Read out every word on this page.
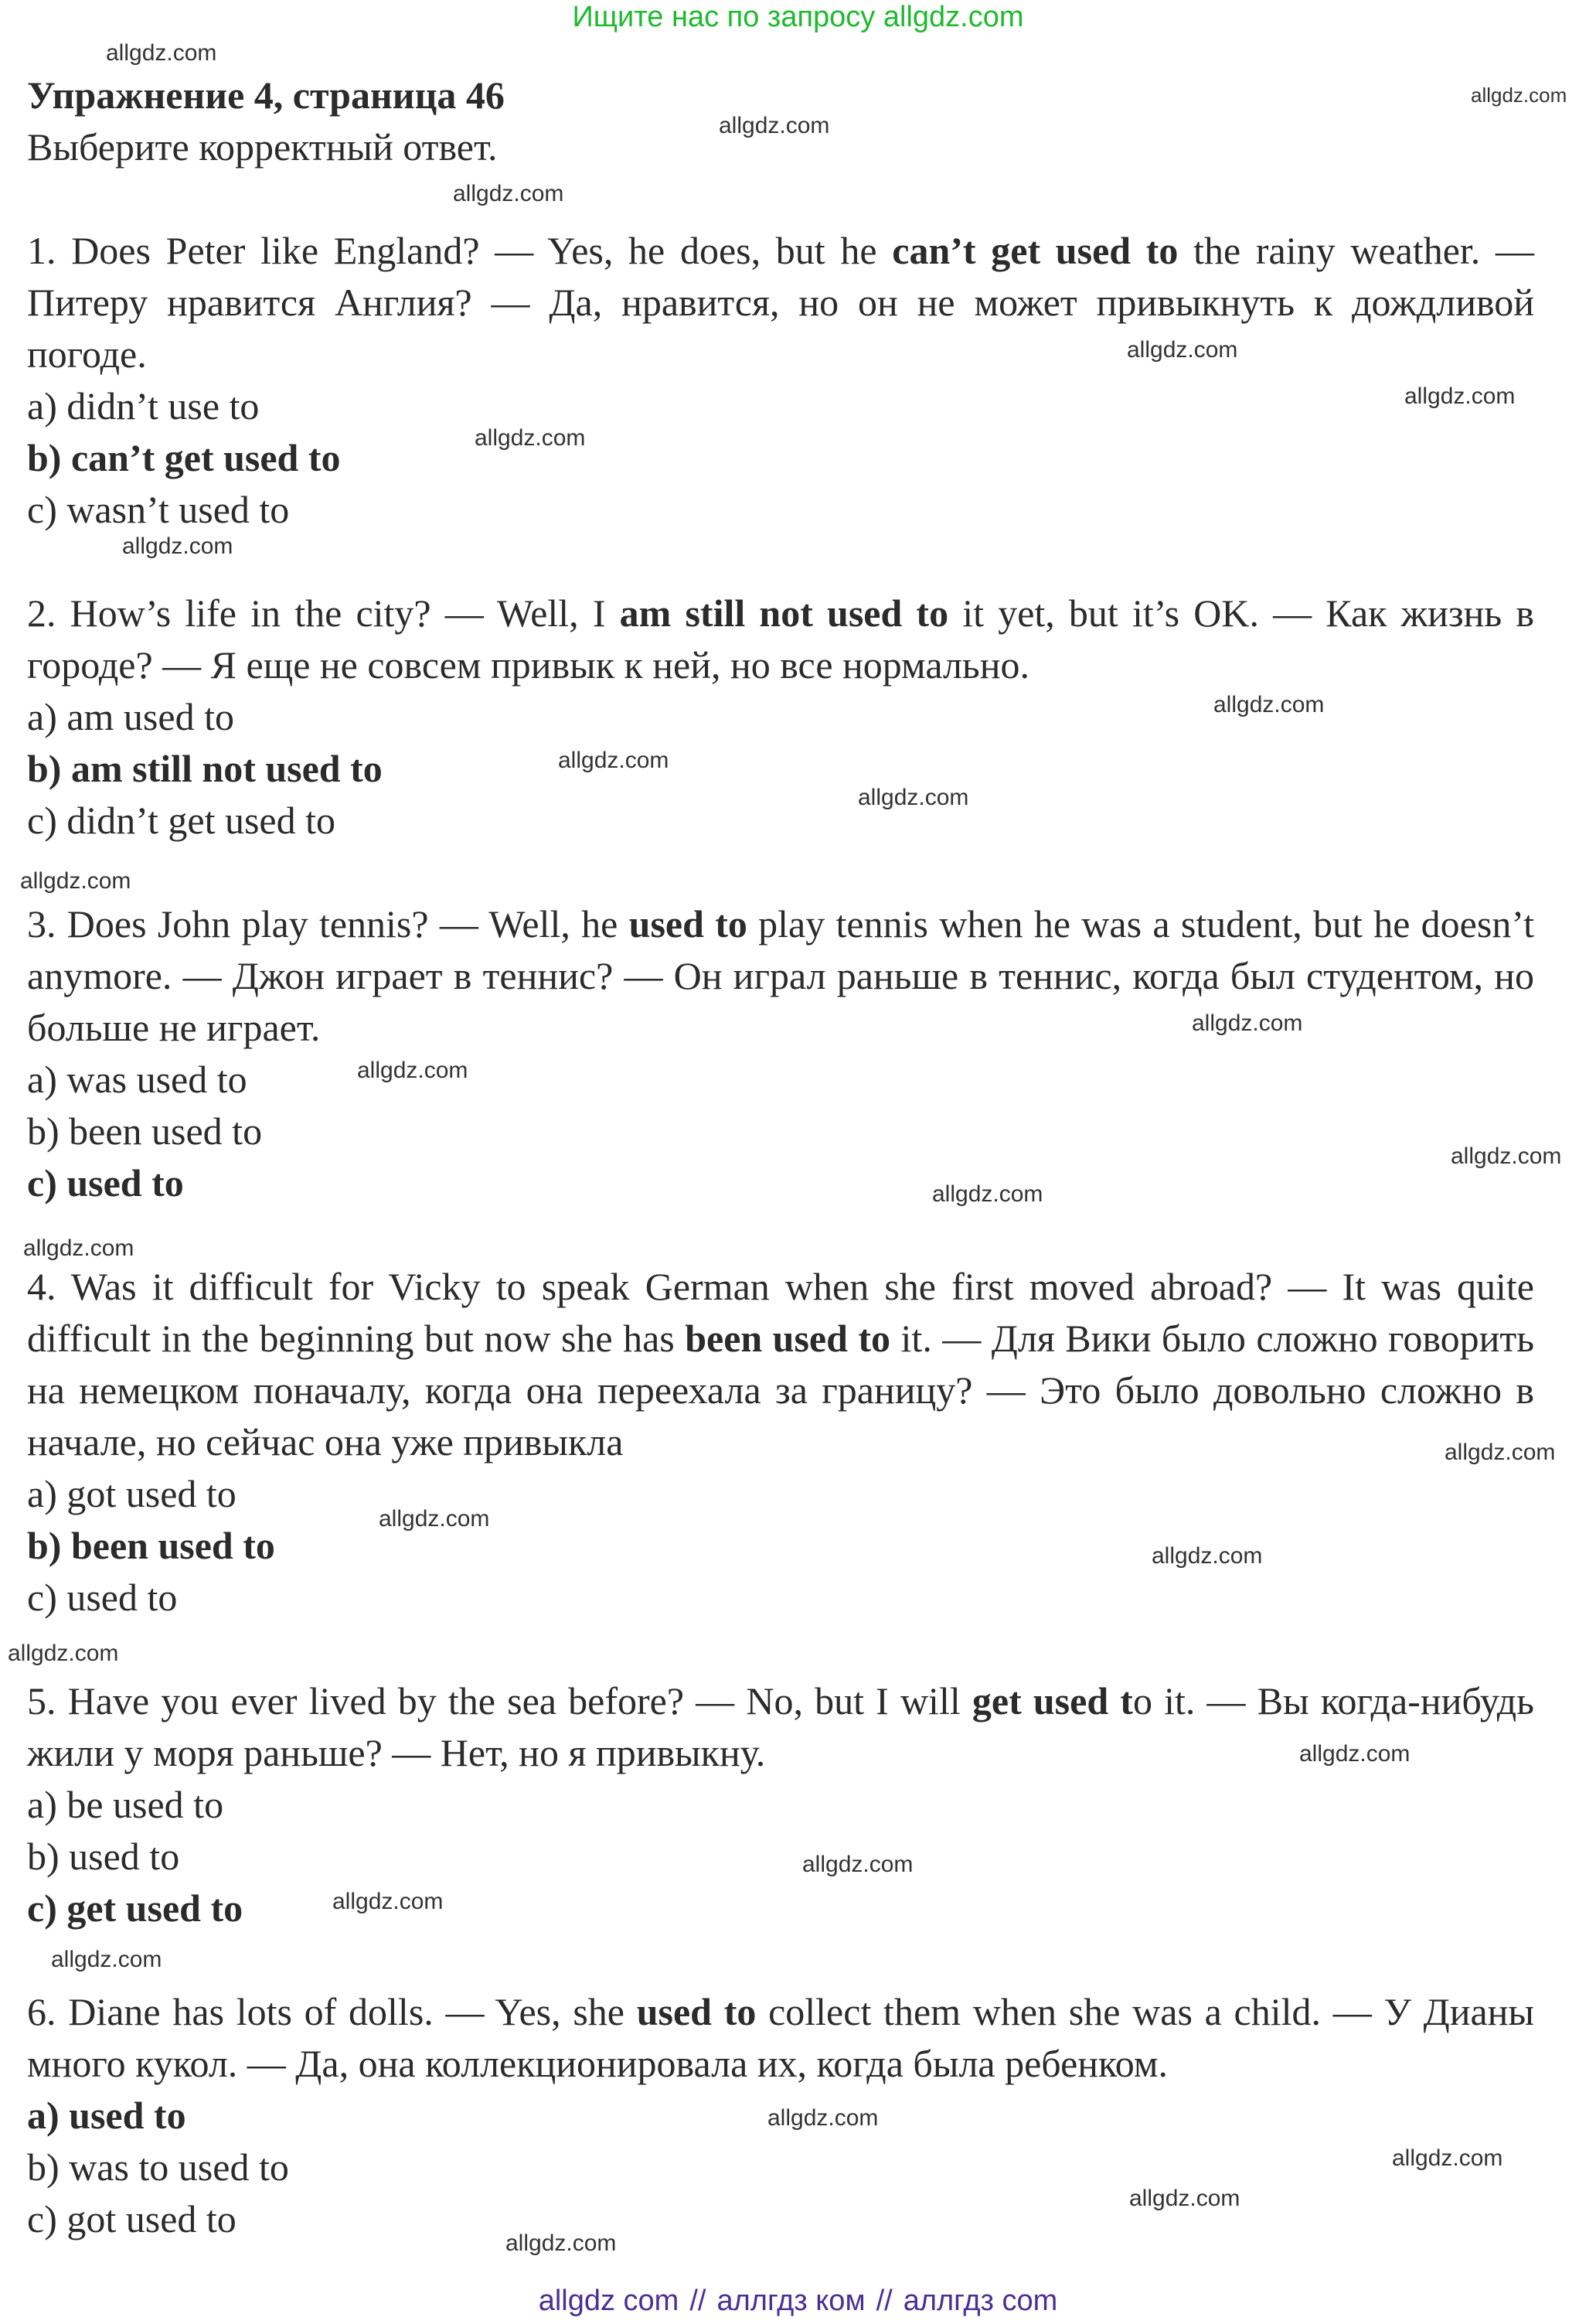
Ищите нас по запросу allgdz.com

Упражнение 4, страница 46

Выберите корректный ответ.

1. Does Peter like England? — Yes, he does, but he can’t get used to the rainy weather. — Питеру нравится Англия? — Да, нравится, но он не может привыкнуть к дождливой погоде.
a) didn’t use to
b) can’t get used to
c) wasn’t used to
2. How’s life in the city? — Well, I am still not used to it yet, but it’s OK. — Как жизнь в городе? — Я еще не совсем привык к ней, но все нормально.
a) am used to
b) am still not used to
c) didn’t get used to
3. Does John play tennis? — Well, he used to play tennis when he was a student, but he doesn’t anymore. — Джон играет в теннис? — Он играл раньше в теннис, когда был студентом, но больше не играет.
a) was used to
b) been used to
c) used to
4. Was it difficult for Vicky to speak German when she first moved abroad? — It was quite difficult in the beginning but now she has been used to it. — Для Вики было сложно говорить на немецком поначалу, когда она переехала за границу? — Это было довольно сложно в начале, но сейчас она уже привыкла
a) got used to
b) been used to
c) used to
5. Have you ever lived by the sea before? — No, but I will get used to it. — Вы когда-нибудь жили у моря раньше? — Нет, но я привыкну.
a) be used to
b) used to
c) get used to
6. Diane has lots of dolls. — Yes, she used to collect them when she was a child. — У Дианы много кукол. — Да, она коллекционировала их, когда была ребенком.
a) used to
b) was to used to
c) got used to
allgdz.com
allgdz.com
allgdz.com
allgdz.com
allgdz.com
allgdz.com
allgdz.com
allgdz.com
allgdz.com
allgdz.com
allgdz.com
allgdz.com
allgdz.com
allgdz.com
allgdz.com
allgdz.com
allgdz.com
allgdz.com
allgdz.com
allgdz.com
allgdz.com
allgdz.com
allgdz.com
allgdz.com
allgdz.com
allgdz.com
allgdz.com
allgdz.com
allgdz.com
allgdz com // аллгдз ком // аллгдз сom
